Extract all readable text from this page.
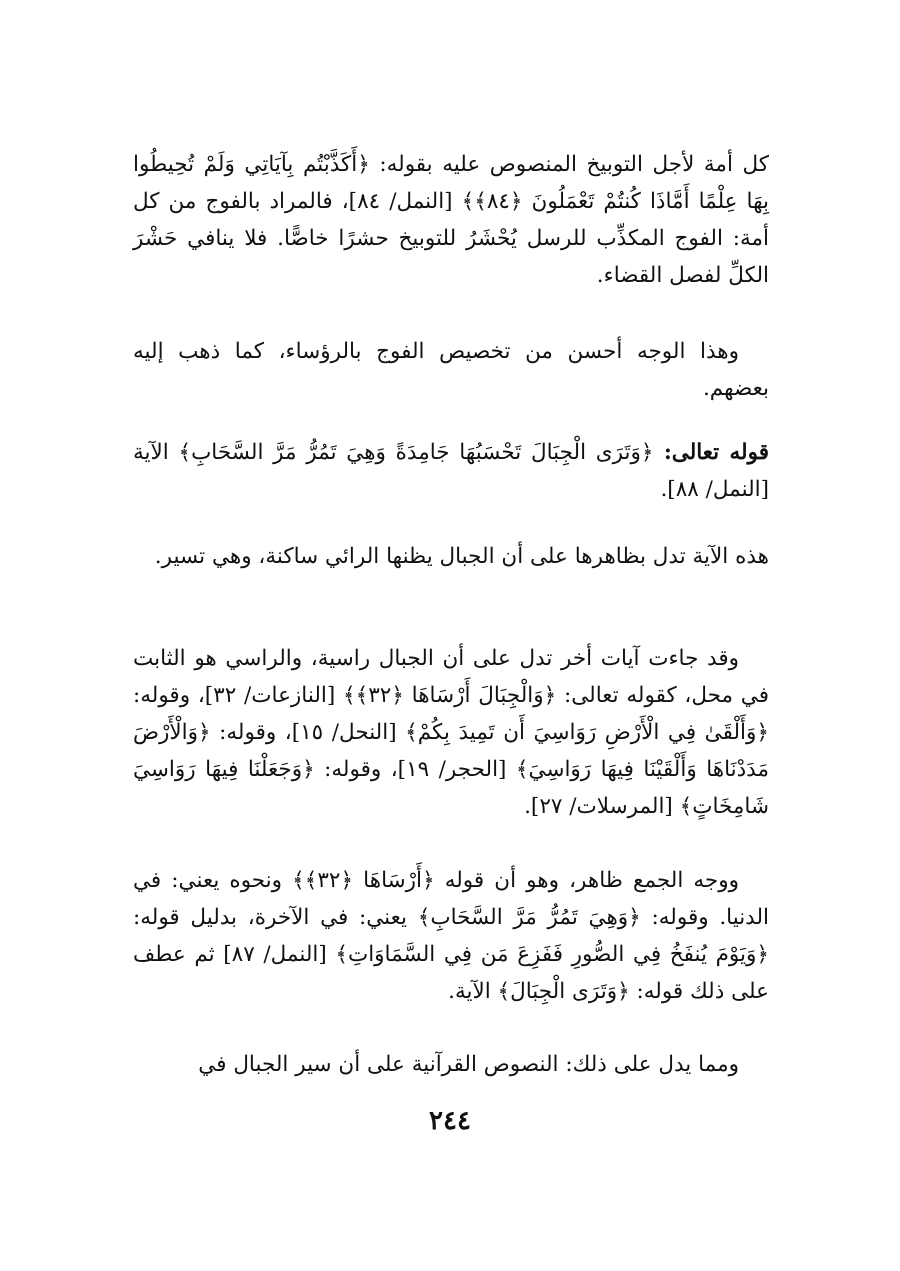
كل أمة لأجل التوبيخ المنصوص عليه بقوله: ﴿أَكَذَّبْتُم بِآيَاتِي وَلَمْ تُحِيطُوا بِهَا عِلْمًا أَمَّاذَا كُنتُمْ تَعْمَلُونَ ﴿٨٤﴾﴾ [النمل/ ٨٤]، فالمراد بالفوج من كل أمة: الفوج المكذِّب للرسل يُحْشَرُ للتوبيخ حشرًا خاصًّا. فلا ينافي حَشْرَ الكلِّ لفصل القضاء.

وهذا الوجه أحسن من تخصيص الفوج بالرؤساء، كما ذهب إليه بعضهم.

قوله تعالى: ﴿وَتَرَى الْجِبَالَ تَحْسَبُهَا جَامِدَةً وَهِيَ تَمُرُّ مَرَّ السَّحَابِ﴾ الآية [النمل/ ٨٨].

هذه الآية تدل بظاهرها على أن الجبال يظنها الرائي ساكنة، وهي تسير.

وقد جاءت آيات أخر تدل على أن الجبال راسية، والراسي هو الثابت في محل، كقوله تعالى: ﴿وَالْجِبَالَ أَرْسَاهَا ﴿٣٢﴾﴾ [النازعات/ ٣٢]، وقوله: ﴿وَأَلْقَىٰ فِي الْأَرْضِ رَوَاسِيَ أَن تَمِيدَ بِكُمْ﴾ [النحل/ ١٥]، وقوله: ﴿وَالْأَرْضَ مَدَدْنَاهَا وَأَلْقَيْنَا فِيهَا رَوَاسِيَ﴾ [الحجر/ ١٩]، وقوله: ﴿وَجَعَلْنَا فِيهَا رَوَاسِيَ شَامِخَاتٍ﴾ [المرسلات/ ٢٧].

ووجه الجمع ظاهر، وهو أن قوله ﴿أَرْسَاهَا ﴿٣٢﴾﴾ ونحوه يعني: في الدنيا. وقوله: ﴿وَهِيَ تَمُرُّ مَرَّ السَّحَابِ﴾ يعني: في الآخرة، بدليل قوله: ﴿وَيَوْمَ يُنفَخُ فِي الصُّورِ فَفَزِعَ مَن فِي السَّمَاوَاتِ﴾ [النمل/ ٨٧] ثم عطف على ذلك قوله: ﴿وَتَرَى الْجِبَالَ﴾ الآية.

ومما يدل على ذلك: النصوص القرآنية على أن سير الجبال في

٢٤٤
